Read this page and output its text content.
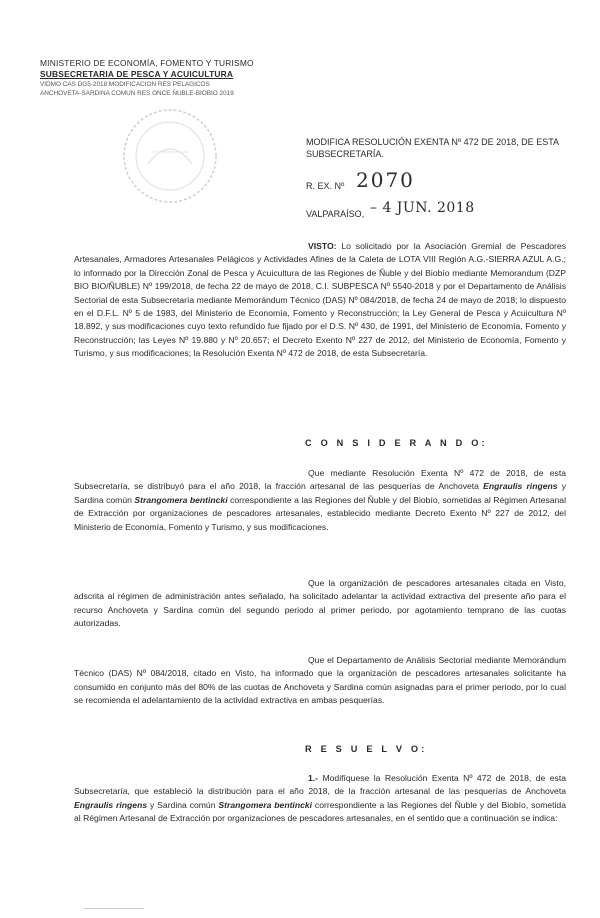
MINISTERIO DE ECONOMÍA, FOMENTO Y TURISMO
SUBSECRETARIA DE PESCA Y ACUICULTURA
VIDMO CAS DG5-2018 MODIFICACION RES PELAGICOS
ANCHOVETA-SARDINA COMUN RES ONCE ÑUBLE-BIOBIO 2019
MODIFICA RESOLUCIÓN EXENTA Nº 472 DE 2018, DE ESTA SUBSECRETARÍA.
R. EX. Nº 2070
VALPARAÍSO, – 4 JUN. 2018
VISTO: Lo solicitado por la Asociación Gremial de Pescadores Artesanales, Armadores Artesanales Pelágicos y Actividades Afines de la Caleta de LOTA VIII Región A.G.-SIERRA AZUL A.G.; lo informado por la Dirección Zonal de Pesca y Acuicultura de las Regiones de Ñuble y del Biobío mediante Memorandum (DZP BIO BIO/ÑUBLE) Nº 199/2018, de fecha 22 de mayo de 2018, C.I. SUBPESCA Nº 5540-2018 y por el Departamento de Análisis Sectorial de esta Subsecretaría mediante Memorándum Técnico (DAS) Nº 084/2018, de fecha 24 de mayo de 2018; lo dispuesto en el D.F.L. Nº 5 de 1983, del Ministerio de Economía, Fomento y Reconstrucción; la Ley General de Pesca y Acuicultura Nº 18.892, y sus modificaciones cuyo texto refundido fue fijado por el D.S. Nº 430, de 1991, del Ministerio de Economía, Fomento y Reconstrucción; las Leyes Nº 19.880 y Nº 20.657; el Decreto Exento Nº 227 de 2012, del Ministerio de Economía, Fomento y Turismo, y sus modificaciones; la Resolución Exenta Nº 472 de 2018, de esta Subsecretaría.
C O N S I D E R A N D O:
Que mediante Resolución Exenta Nº 472 de 2018, de esta Subsecretaría, se distribuyó para el año 2018, la fracción artesanal de las pesquerías de Anchoveta Engraulis ringens y Sardina común Strangomera bentincki correspondiente a las Regiones del Ñuble y del Biobío, sometidas al Régimen Artesanal de Extracción por organizaciones de pescadores artesanales, establecido mediante Decreto Exento Nº 227 de 2012, del Ministerio de Economía, Fomento y Turismo, y sus modificaciones.
Que la organización de pescadores artesanales citada en Visto, adscrita al régimen de administración antes señalado, ha solicitado adelantar la actividad extractiva del presente año para el recurso Anchoveta y Sardina común del segundo periodo al primer periodo, por agotamiento temprano de las cuotas autorizadas.
Que el Departamento de Análisis Sectorial mediante Memorándum Técnico (DAS) Nº 084/2018, citado en Visto, ha informado que la organización de pescadores artesanales solicitante ha consumido en conjunto más del 80% de las cuotas de Anchoveta y Sardina común asignadas para el primer periodo, por lo cual se recomienda el adelantamiento de la actividad extractiva en ambas pesquerías.
R E S U E L V O:
1.- Modifíquese la Resolución Exenta Nº 472 de 2018, de esta Subsecretaría, que estableció la distribución para el año 2018, de la fracción artesanal de las pesquerías de Anchoveta Engraulis ringens y Sardina común Strangomera bentincki correspondiente a las Regiones del Ñuble y del Biobío, sometida al Régimen Artesanal de Extracción por organizaciones de pescadores artesanales, en el sentido que a continuación se indica:
